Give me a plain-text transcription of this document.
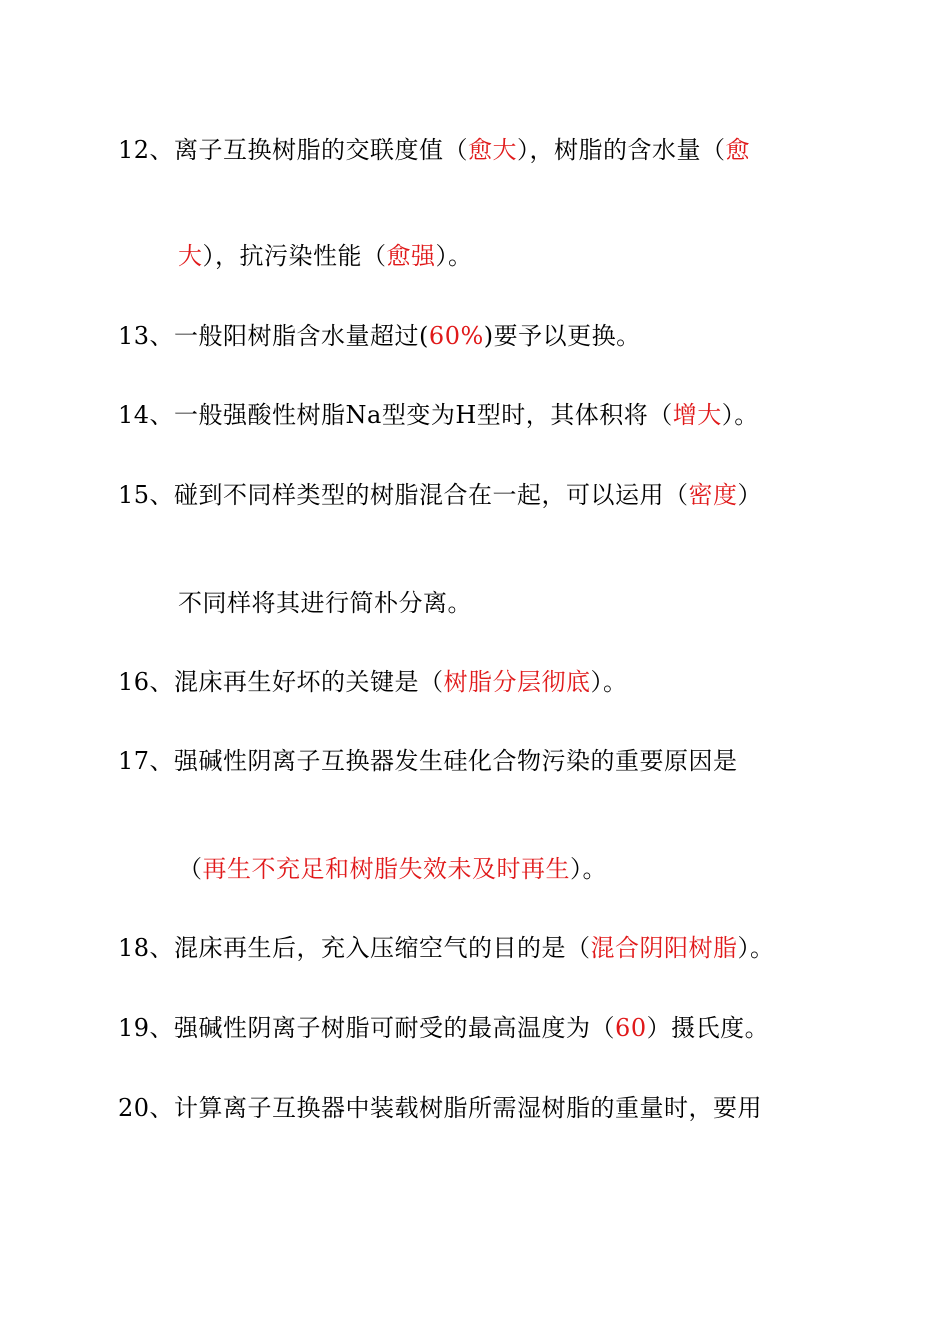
12、离子互换树脂的交联度值（愈大），树脂的含水量（愈
大），抗污染性能（愈强）。
13、一般阳树脂含水量超过(60%)要予以更换。
14、一般强酸性树脂Na型变为H型时，其体积将（增大）。
15、碰到不同样类型的树脂混合在一起，可以运用（密度）
不同样将其进行简朴分离。
16、混床再生好坏的关键是（树脂分层彻底）。
17、强碱性阴离子互换器发生硅化合物污染的重要原因是
（再生不充足和树脂失效未及时再生）。
18、混床再生后，充入压缩空气的目的是（混合阴阳树脂）。
19、强碱性阴离子树脂可耐受的最高温度为（60）摄氏度。
20、计算离子互换器中装载树脂所需湿树脂的重量时，要用
